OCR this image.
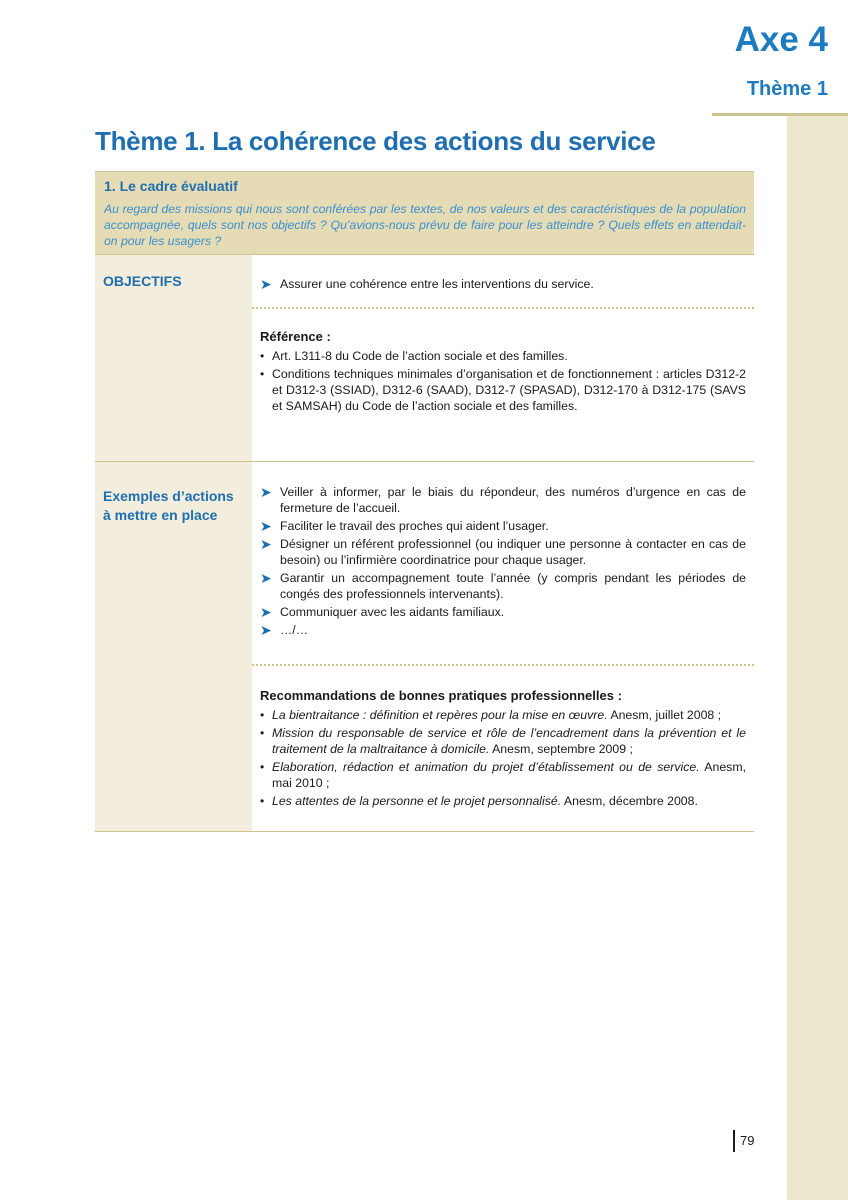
Axe 4
Thème 1
Thème 1. La cohérence des actions du service
1. Le cadre évaluatif
Au regard des missions qui nous sont conférées par les textes, de nos valeurs et des caractéristiques de la population accompagnée, quels sont nos objectifs ? Qu’avions-nous prévu de faire pour les atteindre ? Quels effets en attendait-on pour les usagers ?
OBJECTIFS	➤ Assurer une cohérence entre les interventions du service.
Référence :
• Art. L311-8 du Code de l’action sociale et des familles.
• Conditions techniques minimales d’organisation et de fonctionnement : articles D312-2 et D312-3 (SSIAD), D312-6 (SAAD), D312-7 (SPASAD), D312-170 à D312-175 (SAVS et SAMSAH) du Code de l’action sociale et des familles.
Exemples d’actions à mettre en place
➤ Veiller à informer, par le biais du répondeur, des numéros d’urgence en cas de fermeture de l’accueil.
➤ Faciliter le travail des proches qui aident l’usager.
➤ Désigner un référent professionnel (ou indiquer une personne à contacter en cas de besoin) ou l’infirmière coordinatrice pour chaque usager.
➤ Garantir un accompagnement toute l’année (y compris pendant les périodes de congés des professionnels intervenants).
➤ Communiquer avec les aidants familiaux.
➤ …/…
Recommandations de bonnes pratiques professionnelles :
• La bientraitance : définition et repères pour la mise en œuvre. Anesm, juillet 2008 ;
• Mission du responsable de service et rôle de l’encadrement dans la prévention et le traitement de la maltraitance à domicile. Anesm, septembre 2009 ;
• Elaboration, rédaction et animation du projet d’établissement ou de service. Anesm, mai 2010 ;
• Les attentes de la personne et le projet personnalisé. Anesm, décembre 2008.
79
